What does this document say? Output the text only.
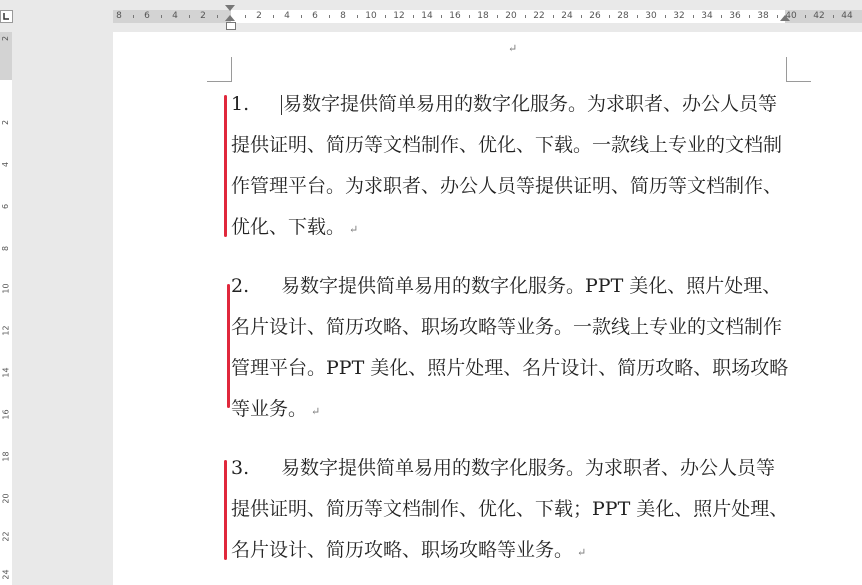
8 6 4 2	2 4 6 8 10 12 14 16 18 20 22 24 26 28 30 32 34 36 38 40 42 44
2
2
4
6
8
10
12
14
16
18
20
22
24
↵
1. 易数字提供简单易用的数字化服务。为求职者、办公人员等提供证明、简历等文档制作、优化、下载。一款线上专业的文档制作管理平台。为求职者、办公人员等提供证明、简历等文档制作、优化、下载。 ↵
2. 易数字提供简单易用的数字化服务。PPT 美化、照片处理、名片设计、简历攻略、职场攻略等业务。一款线上专业的文档制作管理平台。PPT 美化、照片处理、名片设计、简历攻略、职场攻略等业务。 ↵
3. 易数字提供简单易用的数字化服务。为求职者、办公人员等提供证明、简历等文档制作、优化、下载；PPT 美化、照片处理、名片设计、简历攻略、职场攻略等业务。 ↵
